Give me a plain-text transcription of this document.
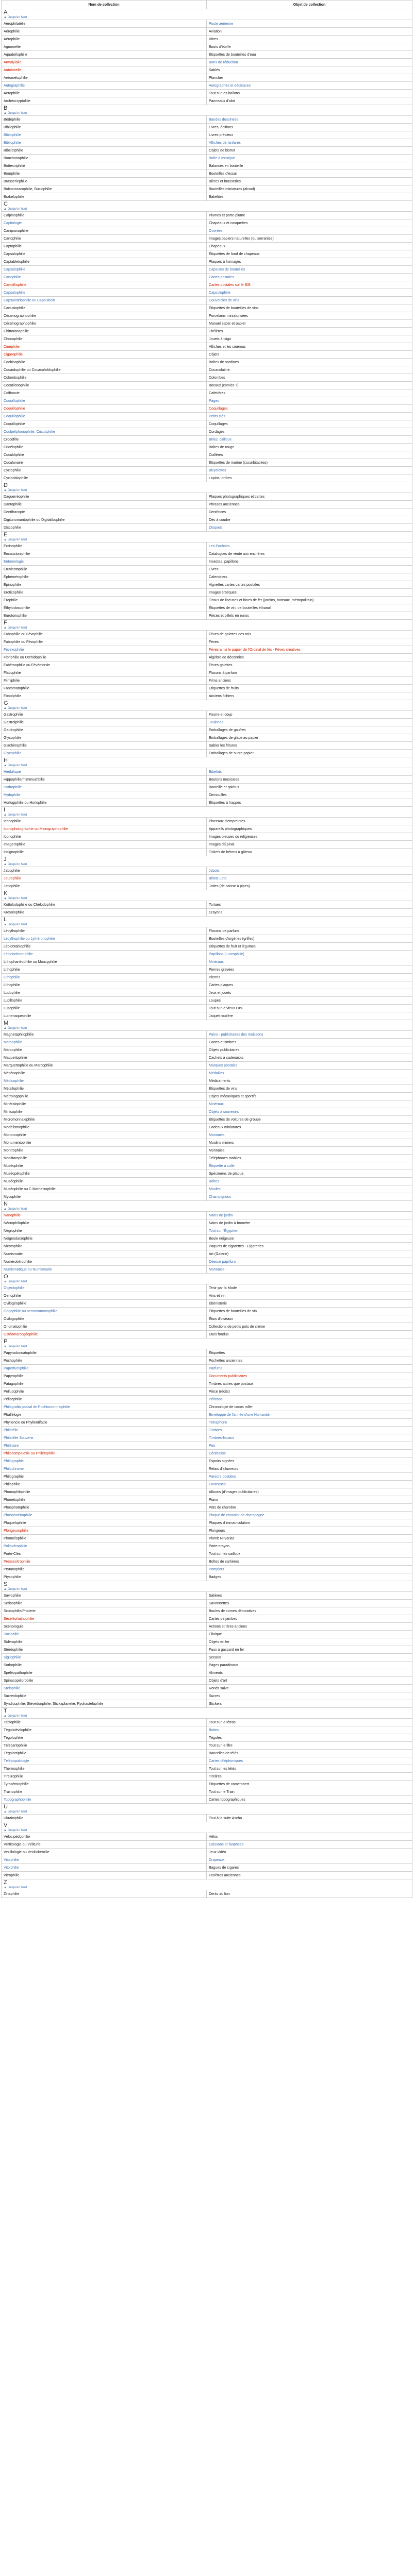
Nom de collection	Objet de collection

A
▲ Jusqu'en haut	

Aérophilatélie	Poste aérienne
Aérophilie	Aviation
Aérophilie	Vitres
Agnomélie	Bouts d'étoffe
Aquabélophilie	Étiquettes de bouteilles d'eau
Armalylalie	Bons de réduction
Autolabélie	Sablés
Aréométophilie	Plancher
Autographilie	Autographes et dédicaces
Aerophilie	Tout sur les ballons
Archéocryptofilie	Panneaux d'abri

B
▲ Jusqu'en haut	

Bédéphilie	Bandes dessinées
Bibliophilie	Livres, éditions
Bibliophilie	Livres précieux
Bibliophilie	Affiches de fanfares
Bibelotphilie	Objets de bistrot
Bouchonophilie	Boîte à musique
Boîtesniphilie	Balances en bouteille
Bourphilie	Bouteilles d'essai
Brasseriephilie	Bières et brasseries
Boîcanocarophilie, Buclophilie	Bouteilles miniatures (alcool)
Brakelophilie	Bakélites

C
▲ Jusqu'en haut	

Calpinophilie	Plumes et porte-plume
Capitalogie	Chapeaux et casquettes
Canipianophilie	Ouvrées
Cartophilie	Images papiers naturelles (ou serrantes)
Captophilie	Chapeaux
Capsulophilie	Étiquettes de fond de chapeaux
Captabletophilie	Plaques à fromages
Capsulophilie	Capsules de bouteilles
Cartophilie	Cartes postales
Cartofiliophilie	Cartes postales sur le B/B
Capsulophilie	Capsulophilie
Capsulotélophilie ou Capsulocin	Couvercles de vins
Cartusiophilie	Étiquettes de bouteilles de vins
Céramographophilie	Porcelains miniaturisées
Céramographophilie	Manuel esper et papier
Chirtoranaphilie	Théières
Chocophilie	Jouets à tsigo
Cinéphilie	Affiches et les cinémas
Cigarophilie	Objets
Cochisophilie	Boîtes de sardines
Cocardophilie ou Cocacolakilophilie	Cocacolatine
Colombophilie	Colombes
Cocutilonophilie	Bocaux (comics ?)
Coffinaxie	Cafetières
Coquillophilie	Pages
Coquillophilie	Coquillages
Coquillophilie	Petits clés
Coquillophilie	Coquillages
Coulpélphonophilie, Cricutiphilie	Cordages
Crocofilie	Billes, cailloux
Cricélophilie	Boîtes de rouge
Cuculdiphilie	Cuillères
Cuculariaire	Étiquettes de marine (cucurbitacées)
Cyclophilie	Bicyclettes
Cyclodalophilie	Lapins, ordres

D
▲ Jusqu'en haut	

Daguerréophilie	Plaques photographiques et cartes
Dantophilie	Phrases anciennes
Dentifracopie	Dentifrices
Digitunomaritophilie ou Digitalibophilie	Dés à coudre
Discophilie	Disques

E
▲ Jusqu'en haut	

Écrinophilie	Les Pochoirs
Encaustoniphilie	Catalogues de vente aux enchères
Entomologie	Insectes, papillons
Éruvicotophilie	Livres
Éphémérophilie	Calendriers
Épinophilie	Vignettes cartes cartes postales
Éroticophilie	Images érotiques
Érophilie	Tissus de liseuses et bines de fer (jardins, bateaux, métropolitain)
Éthylodosophilie	Étiquettes de vin, de bouteilles éthanol
Eurotonophilie	Pièces et billets en euros

F
▲ Jusqu'en haut	

Fabophilie ou Fèvophilie	Fèves de galettes des rois
Fabophilie ou Fèvophilie	Fèves
Fèvexophilie	Fèves ainsi le papier de l'Ordinal de féc - Fèves créatives
Floriphilie ou Orchidophilie	Algèbre de décennies
Fabèmophilie ou Fèvèmorsie	Fèves galettes
Flacophilie	Flacons à parfum
Filmiphilie	Films anciens
Fantomatophilie	Étiquettes de fruits
Fonoïphilie	Anciens fichiers

G
▲ Jusqu'en haut	

Gastrophilie	Fourre et coup
Gastrolphilie	Jouinnes
Gaufrophilie	Emballages de gaufres
Glycophilie	Emballages de glace au papier
Glachèrophilie	Sabler les fritures
Glycophilie	Emballages de sucre papier

H
▲ Jusqu'en haut	

Hiérbifique	Bibelots
Hippophilie/mimmoahbilie	Boutons musicales
Hydrophilie	Bouteille et spiritus
Hydophilie	Dirmouilles
Horlogiphilie ou Horlophilie	Étiquettes à frappes

I
▲ Jusqu'en haut	

Ichnophilie	Pinceaux d'empreintes
Iconophotographie ou Micrographophilie	Appareils photographiques
Iconophilie	Images pieuses ou religieuses
Imagerophilie	Images d'Épinal
Insignophilie	Tickets de bétons à gâteau

J
▲ Jusqu'en haut	

Jabophilie	Jabots
Jourophilie	Billets Loto
Jattophilie	Jattes (de caisse à pipes)

K
▲ Jusqu'en haut	

Kottolodophilie ou Chélodophilie	Tortues
Kreyolophilie	Crayons

L
▲ Jusqu'en haut	

Lécythophilie	Flacons de parfum
Lécythophilie ou Lythérunophilie	Bouteilles d'orgènes (griffes)
Lépidotabiophilie	Étiquettes de fruit et légumes
Lépidochromphilie	Papillons (Lucrophilie)
Lithophanéophilie ou Moucyphilie	Minéraux
Lithophilie	Pierres gravées
Lithophilie	Pierres
Lithophilie	Cartes plaques
Ludophilie	Jeux et jouets
Lucillophilie	Loupes
Lusophilie	Tout sur le vieux Lusi
Lutheriaquephilie	Jaquet routière

M
▲ Jusqu'en haut	

Magnetaphilophilie	Pains - publicitaires des moissons
Marcophilie	Cartes et timbres
Marcophilie	Objets publicitaires
Maquettophilie	Cachets à cadenaiots
Marquettophilie ou Marcophilie	Marques postales
Mécénophilie	Médailles
Médicophilie	Médicaments
Métallophilie	Étiquettes de vins
Métrologophilie	Objets mécaniques et sportifs
Minéralophilie	Minéraux
Minicophilie	Objets à souvenirs
Micromonnaiephilie	Étiquettes de voitures de groupe
Modélismophilie	Cadeaux miniatures
Monorcophilie	Monnaies
Monumentophilie	Moulins miniers
Montrophilie	Monnaies
Mobiltarophilie	Téléphones mobiles
Muséophilie	Étiquette à colle
Muséopélophilie	Spécimens de plaque
Muséophilie	Boîtes
Muséophilie ou C Matheixophilie	Moules
Mycophilie	Champignons

N
▲ Jusqu'en haut	

Nanophilie	Nains de jardin
Nécrophilophilie	Nains de jardin à brouette
Négrophilie	Tout sur l'Égyptien
Neigeodacrophilie	Boule neigeuse
Nicotophilie	Paquets de cigarettes - Cigarettes
Numismatie	Art (Galerie)
Numérotiérophilie	Déesse papillons
Numismatique ou Numismatie	Monnaies

O
▲ Jusqu'en haut	

Objectophilie	Tenir par la Mode
Oenophilie	Vins et vin
Ovilogéophilie	Ébénisterie
Oogophilie ou oenocronomophilie	Étiquettes de bouteilles de vin
Ovilogophilie	Étuis d'oiseaux
Onomatophilie	Collections de petits pots de crème
Ostéomarcogéophilie	Étuis fondus

P
▲ Jusqu'en haut	

Papyrodonnatophilie	Étiquettes
Pochophilie	Pochettes anciennes
Paperfumiphilie	Parfums
Papyrophilie	Documents publicitaires
Patagophilie	Timbres autres que postaux
Pellucophilie	Pièce (récits)
Pélicophilie	Pélicans
Philagrafia pascal de Pochtocronmophilie	Chronologie de cocos roller
Phallélogie	Enveloppe de l'année d'une Humanité
Phyliencie ou Phyllentifacie	Tétraphorie
Philatélie	Timbres
Philatélie Souvenir	Timbres-fiscaux
Philétaire	Peu
Philocompalexie ou Philétophilie	Cénibasse
Philographie	Espoirs signées
Philochrome	Relais d'allumeurs
Philographie	Pareurs postales
Philophilie	Fouteuses
Phonophilophilie	Albums (d'images publicitaires)
Phonétophilie	Piano
Phosphatophilie	Pots de chambre
Phosphoénophilie	Plaque de chocolat de champagne
Plaquelophilie	Plaques d'immatriculation
Plongeurophilie	Plongeurs
Piromélophilie	Plomb Nirvarias
Poliavérophilie	Porte-crayon
Porte-Clés	Tout sur les cailloux
Pressecitrophilie	Boîtes de cartières
Prytanophilie	Pompiers
Ptyxophilie	Badges

S
▲ Jusqu'en haut	

Saviophilie	Salières
Scripophilie	Savonnettes
Scutophilie/Phalerie	Boules de cornes décoratives
Sécéléphathophilie	Cartes de jambes
Scénologuie	Actions et titres anciens
Sociphilie	Clinique
Sidérophilie	Objets en fer
Stéréophilie	Faux à gaspard en fer
Sigilophilie	Sceaux
Sorbophilie	Pages paradinaux
Spéléopathophilie	Aliments
Spinacopiéprobilie	Objets d'art
Stelophilie	Ronds salve
Sucreidophilie	Sucres
Syndicophilie, Stévedoriphilie, Stickaplanetie, Ryukastelaphilie	Stickers

T
▲ Jusqu'en haut	

Tablophilie	Tout sur le tétras
Tégolatévilophilie	Boites
Tégolophilie	Tégules
Télécartophilie	Tout sur le fifre
Tégolorriphilie	Bancelles de télés
Télépopulologie	Cartes téléphoniques
Thermophilie	Tout sur les tétés
Tirelirophilie	Tirelires
Tyrosémiophilie	Etiquettes de camembert
Trainophilie	Tout sur le Train
Topographophilie	Cartes topographiques

U
▲ Jusqu'en haut	

Ukrainiphilie	Tout à la suite Ascha

V
▲ Jusqu'en haut	

Vélocipédophilie	Vélos
Vertitologie ou Véliturie	Caissons et fanphees
Vexillologie ou Vexillokéotilie	Jeux vidéo
Vitolphilie	Drapeaux
Vitolphilie	Bagues de cigares
Vitrophilie	Fenêtres anciennes

Z
▲ Jusqu'en haut	

Zinaphilie	Dents au lion
